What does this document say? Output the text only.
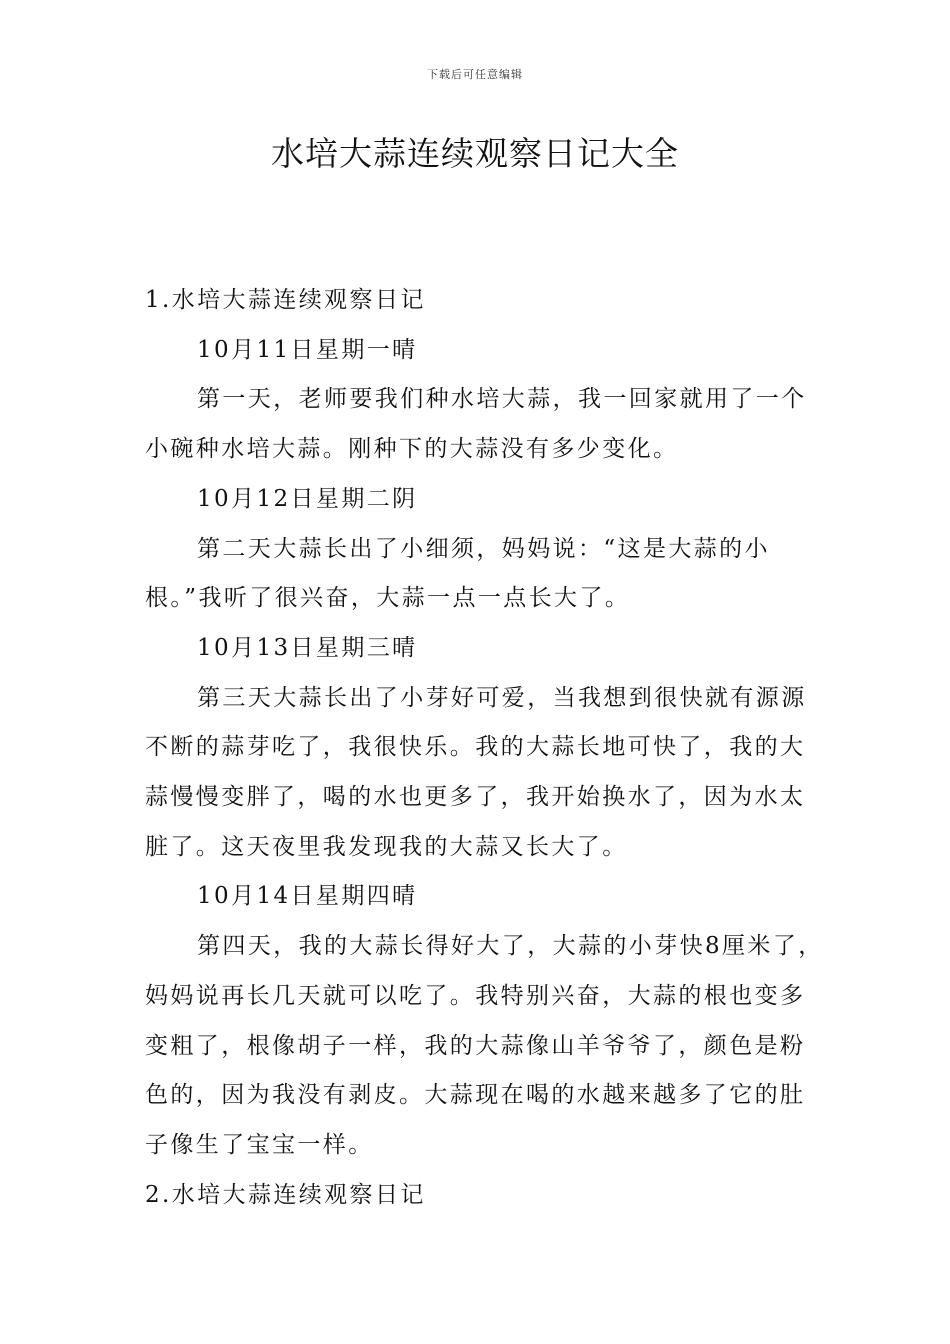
下载后可任意编辑
水培大蒜连续观察日记大全

1.水培大蒜连续观察日记

10月11日星期一晴

第一天，老师要我们种水培大蒜，我一回家就用了一个小碗种水培大蒜。刚种下的大蒜没有多少变化。

10月12日星期二阴

第二天大蒜长出了小细须，妈妈说：“这是大蒜的小根。”我听了很兴奋，大蒜一点一点长大了。

10月13日星期三晴

第三天大蒜长出了小芽好可爱，当我想到很快就有源源不断的蒜芽吃了，我很快乐。我的大蒜长地可快了，我的大蒜慢慢变胖了，喝的水也更多了，我开始换水了，因为水太脏了。这天夜里我发现我的大蒜又长大了。

10月14日星期四晴

第四天，我的大蒜长得好大了，大蒜的小芽快8厘米了，妈妈说再长几天就可以吃了。我特别兴奋，大蒜的根也变多变粗了，根像胡子一样，我的大蒜像山羊爷爷了，颜色是粉色的，因为我没有剥皮。大蒜现在喝的水越来越多了它的肚子像生了宝宝一样。

2.水培大蒜连续观察日记
